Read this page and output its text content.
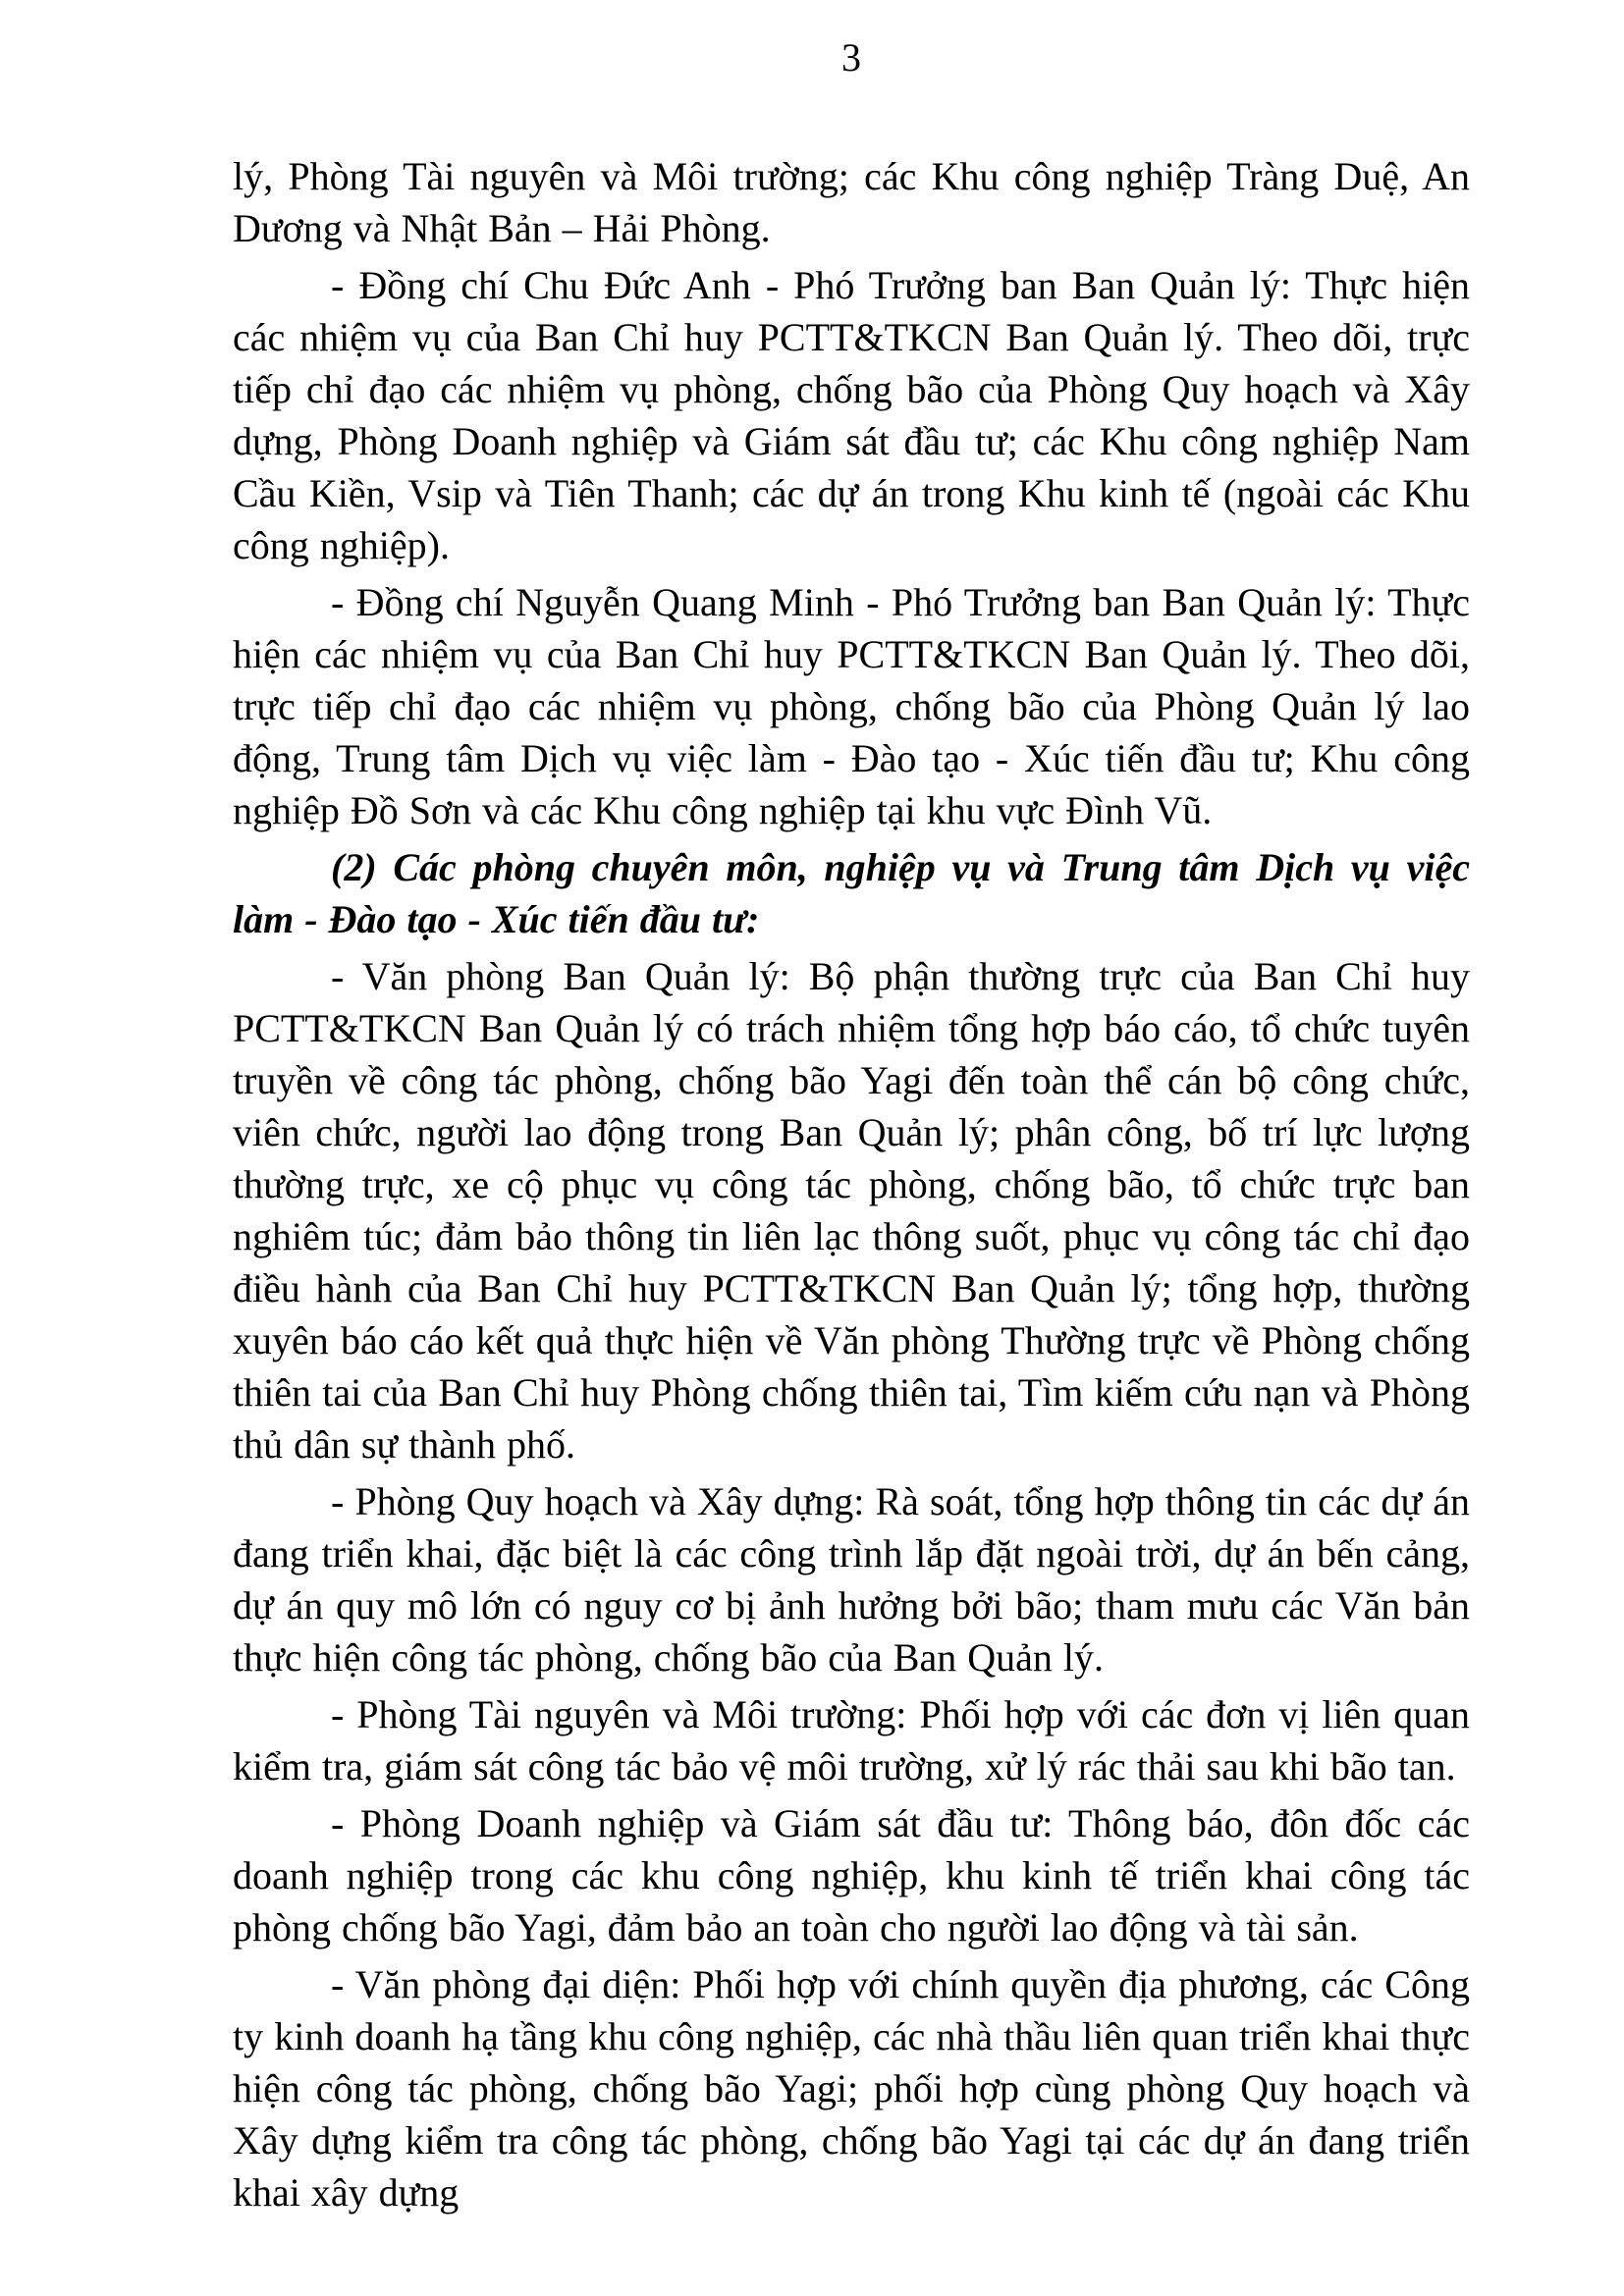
3

lý, Phòng Tài nguyên và Môi trường; các Khu công nghiệp Tràng Duệ, An Dương và Nhật Bản – Hải Phòng.

- Đồng chí Chu Đức Anh - Phó Trưởng ban Ban Quản lý: Thực hiện các nhiệm vụ của Ban Chỉ huy PCTT&TKCN Ban Quản lý. Theo dõi, trực tiếp chỉ đạo các nhiệm vụ phòng, chống bão của Phòng Quy hoạch và Xây dựng, Phòng Doanh nghiệp và Giám sát đầu tư; các Khu công nghiệp Nam Cầu Kiền, Vsip và Tiên Thanh; các dự án trong Khu kinh tế (ngoài các Khu công nghiệp).

- Đồng chí Nguyễn Quang Minh - Phó Trưởng ban Ban Quản lý: Thực hiện các nhiệm vụ của Ban Chỉ huy PCTT&TKCN Ban Quản lý. Theo dõi, trực tiếp chỉ đạo các nhiệm vụ phòng, chống bão của Phòng Quản lý lao động, Trung tâm Dịch vụ việc làm - Đào tạo - Xúc tiến đầu tư; Khu công nghiệp Đồ Sơn và các Khu công nghiệp tại khu vực Đình Vũ.

(2) Các phòng chuyên môn, nghiệp vụ và Trung tâm Dịch vụ việc làm - Đào tạo - Xúc tiến đầu tư:

- Văn phòng Ban Quản lý: Bộ phận thường trực của Ban Chỉ huy PCTT&TKCN Ban Quản lý có trách nhiệm tổng hợp báo cáo, tổ chức tuyên truyền về công tác phòng, chống bão Yagi đến toàn thể cán bộ công chức, viên chức, người lao động trong Ban Quản lý; phân công, bố trí lực lượng thường trực, xe cộ phục vụ công tác phòng, chống bão, tổ chức trực ban nghiêm túc; đảm bảo thông tin liên lạc thông suốt, phục vụ công tác chỉ đạo điều hành của Ban Chỉ huy PCTT&TKCN Ban Quản lý; tổng hợp, thường xuyên báo cáo kết quả thực hiện về Văn phòng Thường trực về Phòng chống thiên tai của Ban Chỉ huy Phòng chống thiên tai, Tìm kiếm cứu nạn và Phòng thủ dân sự thành phố.

- Phòng Quy hoạch và Xây dựng: Rà soát, tổng hợp thông tin các dự án đang triển khai, đặc biệt là các công trình lắp đặt ngoài trời, dự án bến cảng, dự án quy mô lớn có nguy cơ bị ảnh hưởng bởi bão; tham mưu các Văn bản thực hiện công tác phòng, chống bão của Ban Quản lý.

- Phòng Tài nguyên và Môi trường: Phối hợp với các đơn vị liên quan kiểm tra, giám sát công tác bảo vệ môi trường, xử lý rác thải sau khi bão tan.

- Phòng Doanh nghiệp và Giám sát đầu tư: Thông báo, đôn đốc các doanh nghiệp trong các khu công nghiệp, khu kinh tế triển khai công tác phòng chống bão Yagi, đảm bảo an toàn cho người lao động và tài sản.

- Văn phòng đại diện: Phối hợp với chính quyền địa phương, các Công ty kinh doanh hạ tầng khu công nghiệp, các nhà thầu liên quan triển khai thực hiện công tác phòng, chống bão Yagi; phối hợp cùng phòng Quy hoạch và Xây dựng kiểm tra công tác phòng, chống bão Yagi tại các dự án đang triển khai xây dựng
